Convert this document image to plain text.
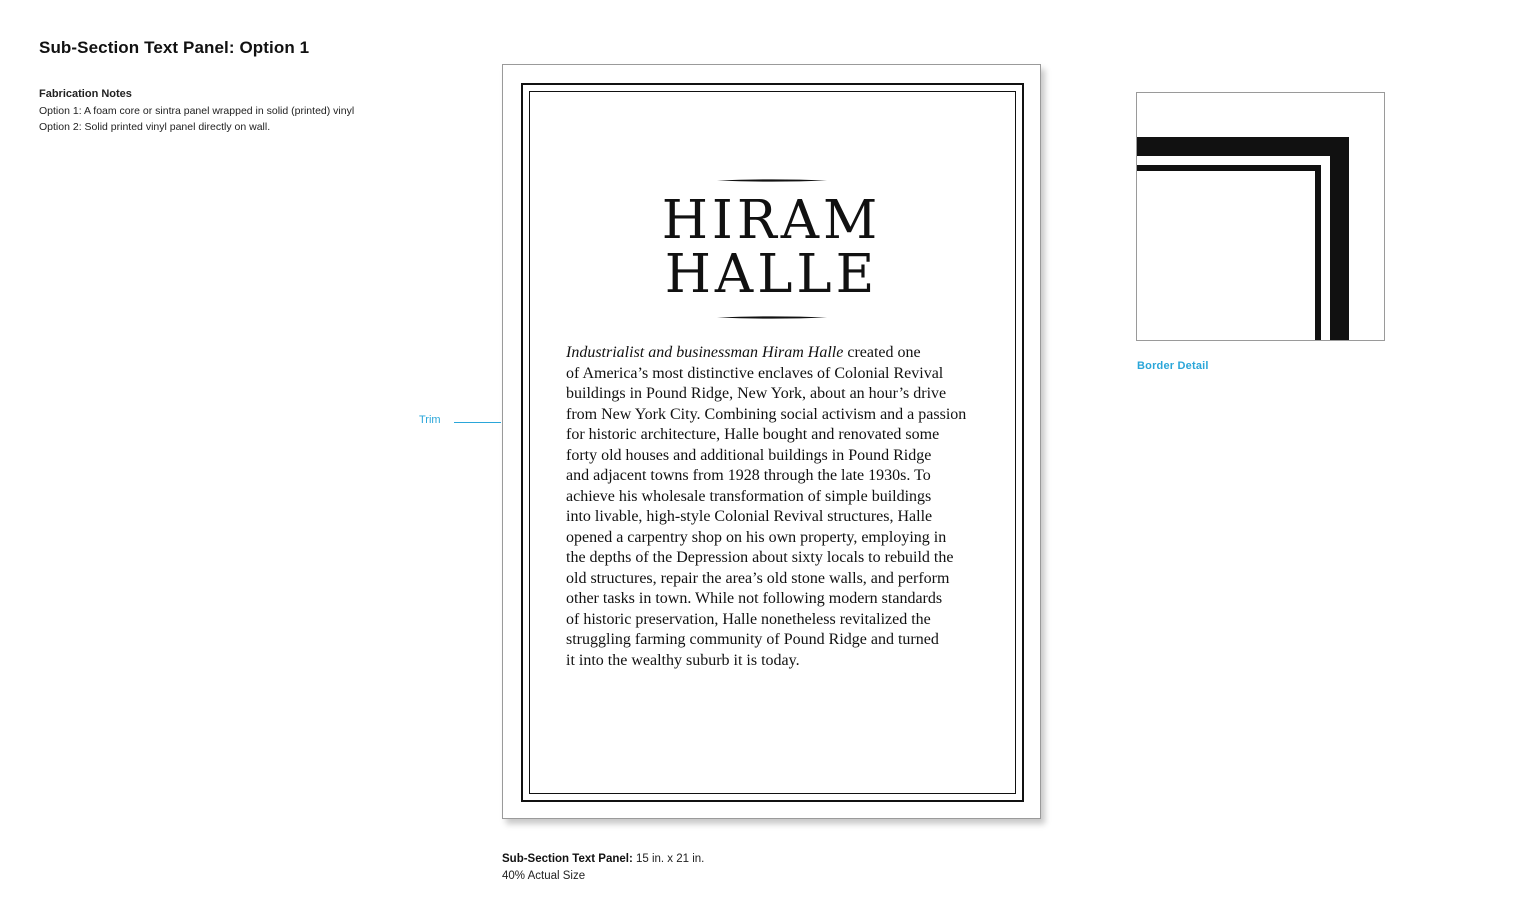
Sub-Section Text Panel: Option 1
Fabrication Notes
Option 1: A foam core or sintra panel wrapped in solid (printed) vinyl
Option 2: Solid printed vinyl panel directly on wall.
Trim
HIRAM
HALLE
Industrialist and businessman Hiram Halle created one
of America’s most distinctive enclaves of Colonial Revival
buildings in Pound Ridge, New York, about an hour’s drive
from New York City. Combining social activism and a passion
for historic architecture, Halle bought and renovated some
forty old houses and additional buildings in Pound Ridge
and adjacent towns from 1928 through the late 1930s. To
achieve his wholesale transformation of simple buildings
into livable, high-style Colonial Revival structures, Halle
opened a carpentry shop on his own property, employing in
the depths of the Depression about sixty locals to rebuild the
old structures, repair the area’s old stone walls, and perform
other tasks in town. While not following modern standards
of historic preservation, Halle nonetheless revitalized the
struggling farming community of Pound Ridge and turned
it into the wealthy suburb it is today.
Sub-Section Text Panel: 15 in. x 21 in.
40% Actual Size
Border Detail
